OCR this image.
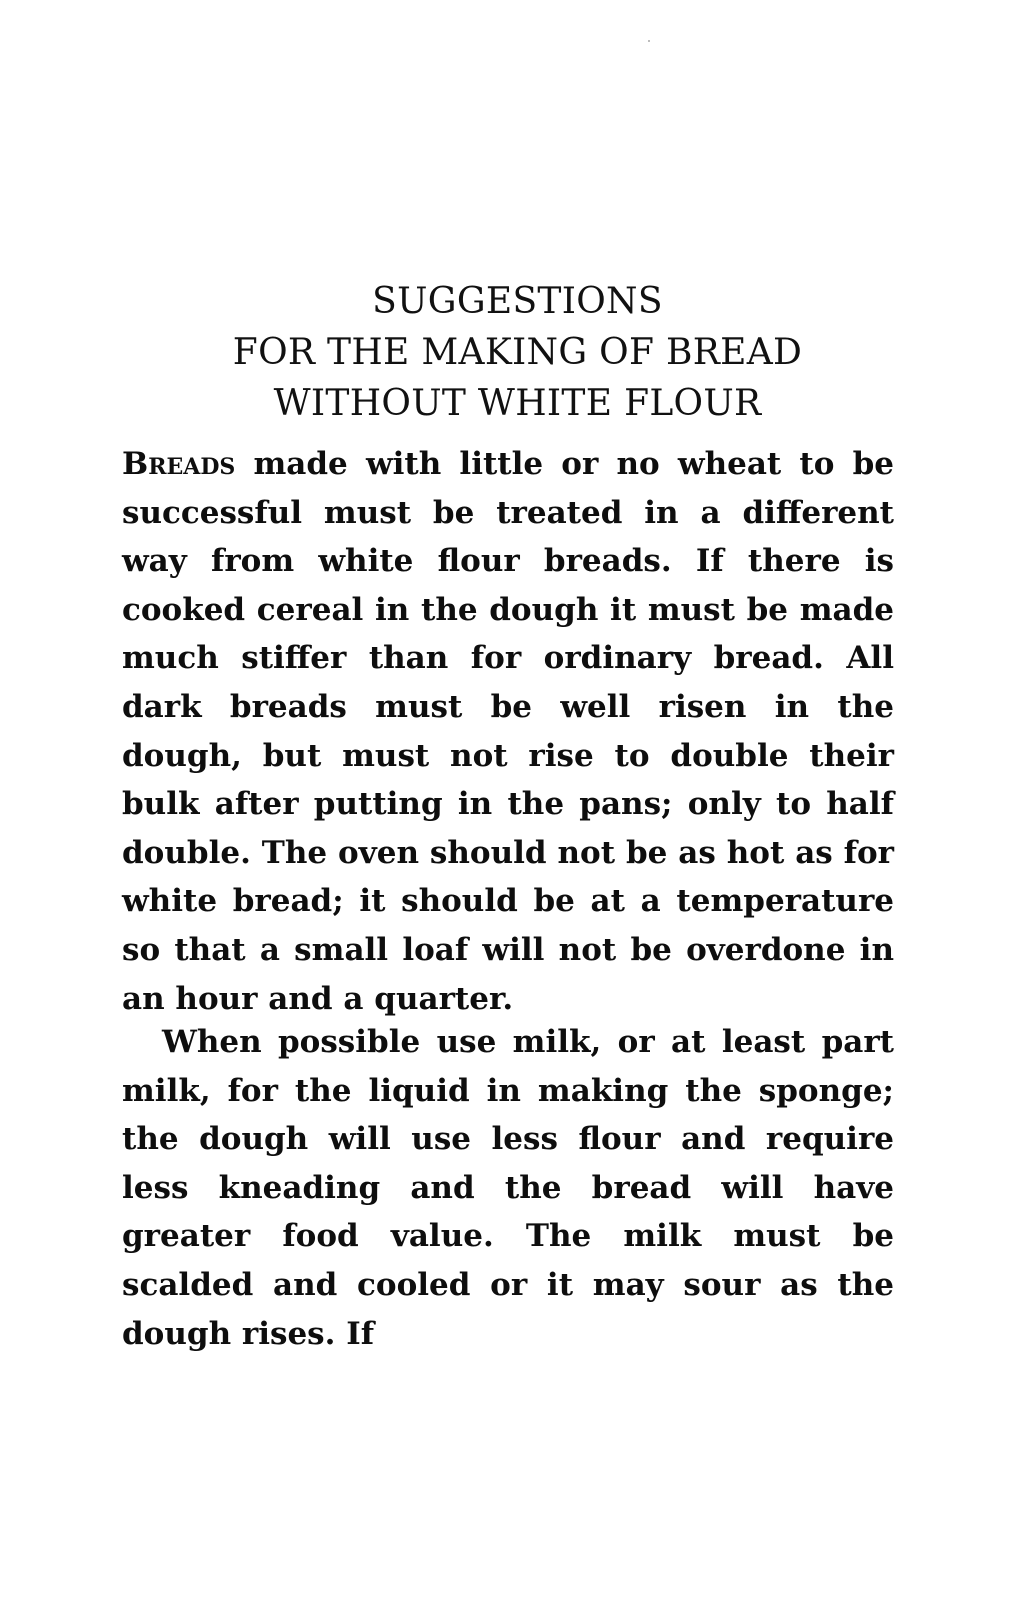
SUGGESTIONS
FOR THE MAKING OF BREAD
WITHOUT WHITE FLOUR

Breads made with little or no wheat to be successful must be treated in a different way from white flour breads. If there is cooked cereal in the dough it must be made much stiffer than for ordinary bread. All dark breads must be well risen in the dough, but must not rise to double their bulk after putting in the pans; only to half double. The oven should not be as hot as for white bread; it should be at a temperature so that a small loaf will not be overdone in an hour and a quarter.

When possible use milk, or at least part milk, for the liquid in making the sponge; the dough will use less flour and require less kneading and the bread will have greater food value. The milk must be scalded and cooled or it may sour as the dough rises. If
